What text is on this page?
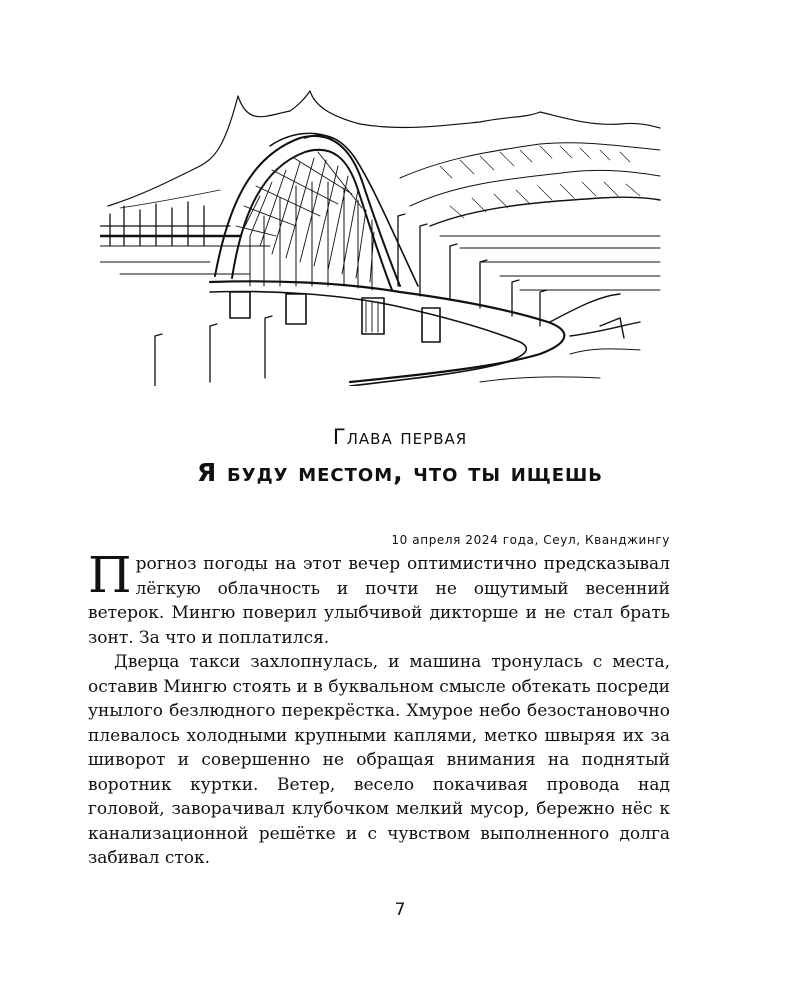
Глава первая
Я буду местом, что ты ищешь
10 апреля 2024 года, Сеул, Кванджингу

Прогноз погоды на этот вечер оптимистично предсказывал лёгкую облачность и почти не ощутимый весенний ветерок. Мингю поверил улыбчивой дикторше и не стал брать зонт. За что и поплатился.

Дверца такси захлопнулась, и машина тронулась с места, оставив Мингю стоять и в буквальном смысле обтекать посреди унылого безлюдного перекрёстка. Хмурое небо безостановочно плевалось холодными крупными каплями, метко швыряя их за шиворот и совершенно не обращая внимания на поднятый воротник куртки. Ветер, весело покачивая провода над головой, заворачивал клубочком мелкий мусор, бережно нёс к канализационной решётке и с чувством выполненного долга забивал сток.

7
